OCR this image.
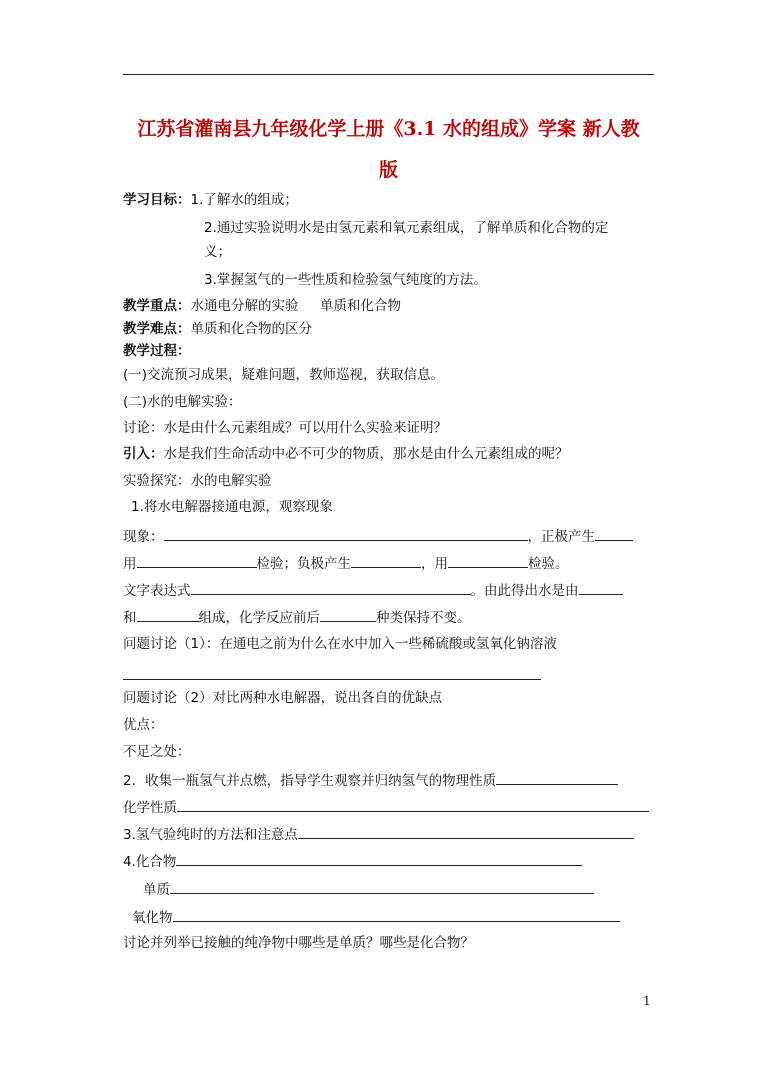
江苏省灌南县九年级化学上册《3.1 水的组成》学案 新人教
版
学习目标：1.了解水的组成；
2.通过实验说明水是由氢元素和氧元素组成，了解单质和化合物的定
义；
3.掌握氢气的一些性质和检验氢气纯度的方法。
教学重点：水通电分解的实验     单质和化合物
教学难点：单质和化合物的区分
教学过程：
(一)交流预习成果，疑难问题，教师巡视，获取信息。
(二)水的电解实验：
讨论：水是由什么元素组成？可以用什么实验来证明？
引入：水是我们生命活动中必不可少的物质，那水是由什么元素组成的呢？
实验探究：水的电解实验
1.将水电解器接通电源，观察现象
现象：	，正极产生
用	检验；负极产生	，用	检验。
文字表达式	。由此得出水是由
和	组成，化学反应前后	种类保持不变。
问题讨论（1）：在通电之前为什么在水中加入一些稀硫酸或氢氧化钠溶液
问题讨论（2）对比两种水电解器，说出各自的优缺点
优点：
不足之处：
2．收集一瓶氢气并点燃，指导学生观察并归纳氢气的物理性质
化学性质
3.氢气验纯时的方法和注意点
4.化合物
单质
氧化物
讨论并列举已接触的纯净物中哪些是单质？哪些是化合物？
1
